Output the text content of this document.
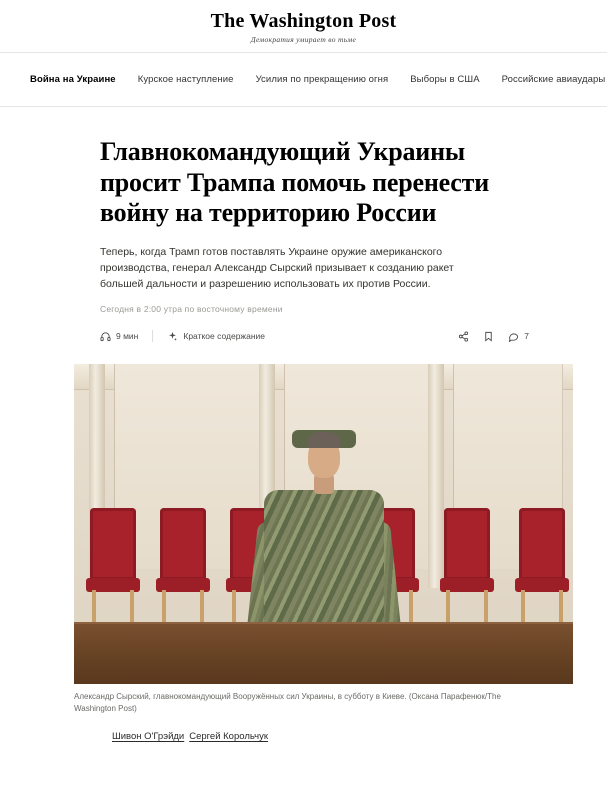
The Washington Post
Демократия умирает во тьме
Война на Украине Курское наступление Усилия по прекращению огня Выборы в США Российские авиаудары
Главнокомандующий Украины просит Трампа помочь перенести войну на территорию России

Теперь, когда Трамп готов поставлять Украине оружие американского производства, генерал Александр Сырский призывает к созданию ракет большей дальности и разрешению использовать их против России.

Сегодня в 2:00 утра по восточному времени
9 мин	Краткое содержание	7
Александр Сырский, главнокомандующий Вооружённых сил Украины, в субботу в Киеве. (Оксана Парафенюк/The Washington Post)
Шивон О'Грэйди Сергей Корольчук
